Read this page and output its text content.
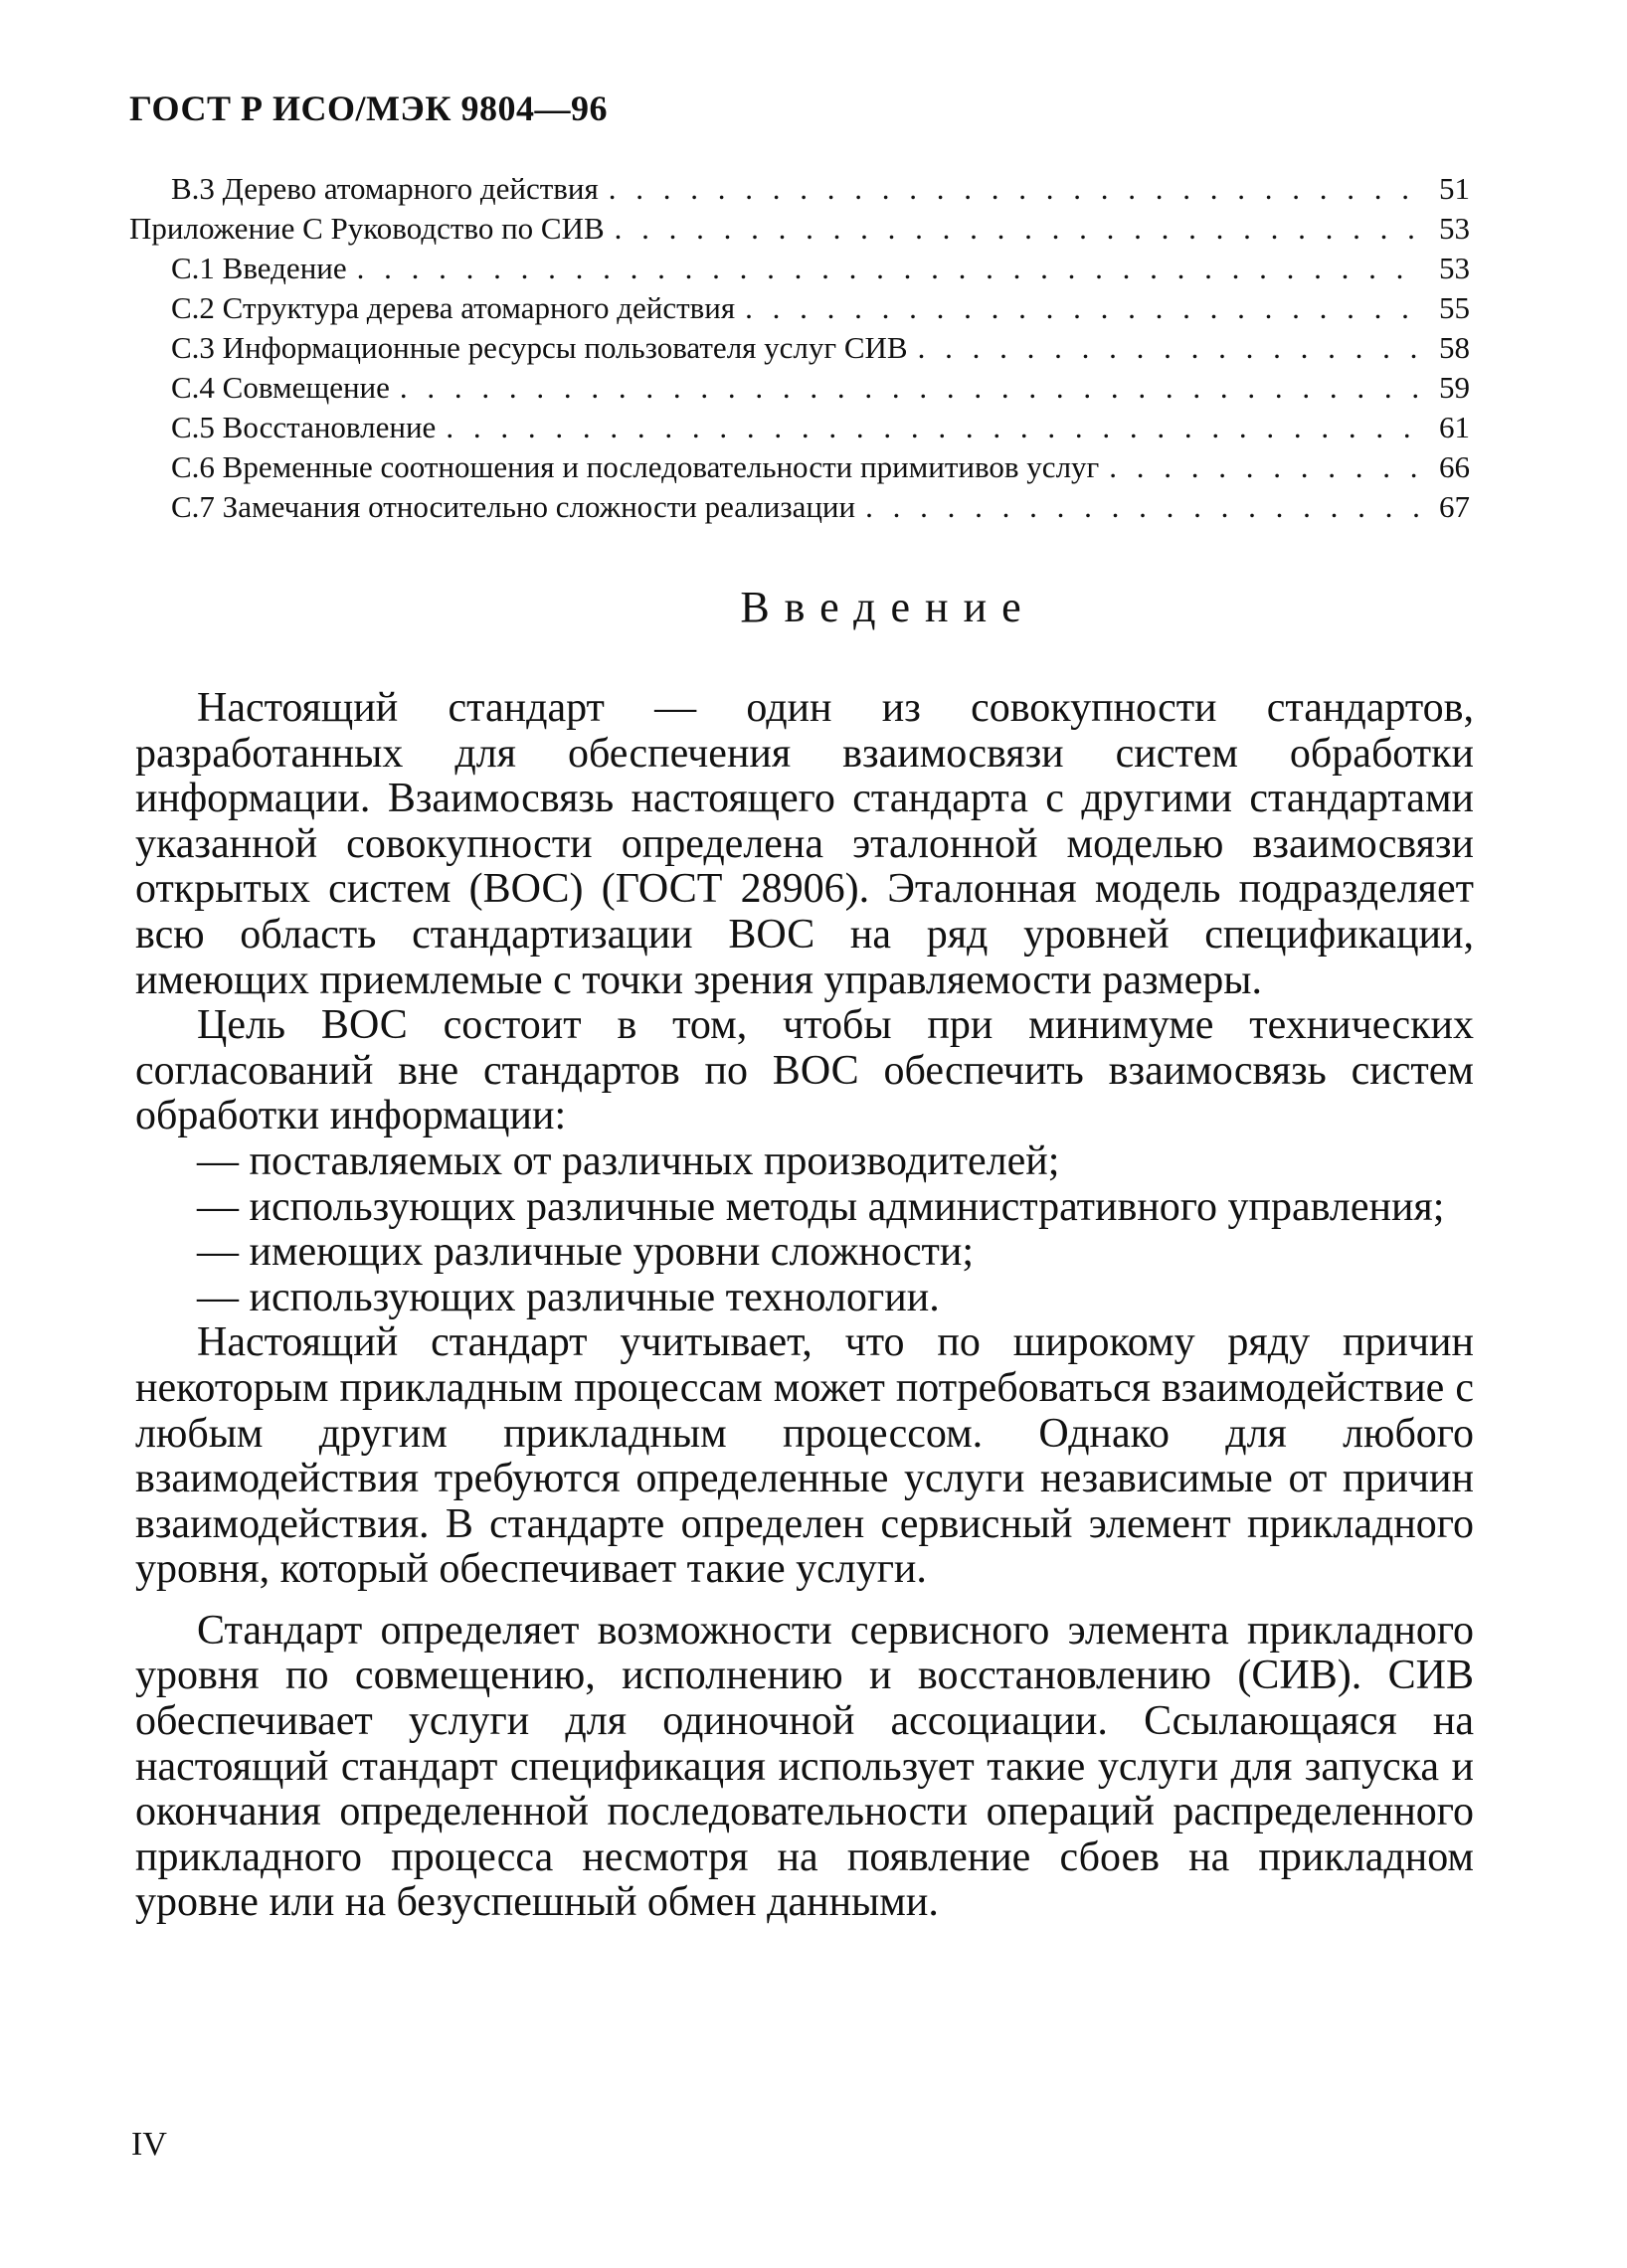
ГОСТ Р ИСО/МЭК 9804—96
В.3 Дерево атомарного действия . . .	51
Приложение С Руководство по СИВ . . .	53
С.1 Введение . . .	53
С.2 Структура дерева атомарного действия . . .	55
С.3 Информационные ресурсы пользователя услуг СИВ . . .	58
С.4 Совмещение . . .	59
С.5 Восстановление . . .	61
С.6 Временные соотношения и последовательности примитивов услуг . . .	66
С.7 Замечания относительно сложности реализации . . .	67
Введение

Настоящий стандарт — один из совокупности стандартов, разработанных для обеспечения взаимосвязи систем обработки информации. Взаимосвязь настоящего стандарта с другими стандартами указанной совокупности определена эталонной моделью взаимосвязи открытых систем (ВОС) (ГОСТ 28906). Эталонная модель подразделяет всю область стандартизации ВОС на ряд уровней спецификации, имеющих приемлемые с точки зрения управляемости размеры.

Цель ВОС состоит в том, чтобы при минимуме технических согласований вне стандартов по ВОС обеспечить взаимосвязь систем обработки информации:

— поставляемых от различных производителей;

— использующих различные методы административного управления;

— имеющих различные уровни сложности;

— использующих различные технологии.

Настоящий стандарт учитывает, что по широкому ряду причин некоторым прикладным процессам может потребоваться взаимодействие с любым другим прикладным процессом. Однако для любого взаимодействия требуются определенные услуги независимые от причин взаимодействия. В стандарте определен сервисный элемент прикладного уровня, который обеспечивает такие услуги.

Стандарт определяет возможности сервисного элемента прикладного уровня по совмещению, исполнению и восстановлению (СИВ). СИВ обеспечивает услуги для одиночной ассоциации. Ссылающаяся на настоящий стандарт спецификация использует такие услуги для запуска и окончания определенной последовательности операций распределенного прикладного процесса несмотря на появление сбоев на прикладном уровне или на безуспешный обмен данными.

IV
